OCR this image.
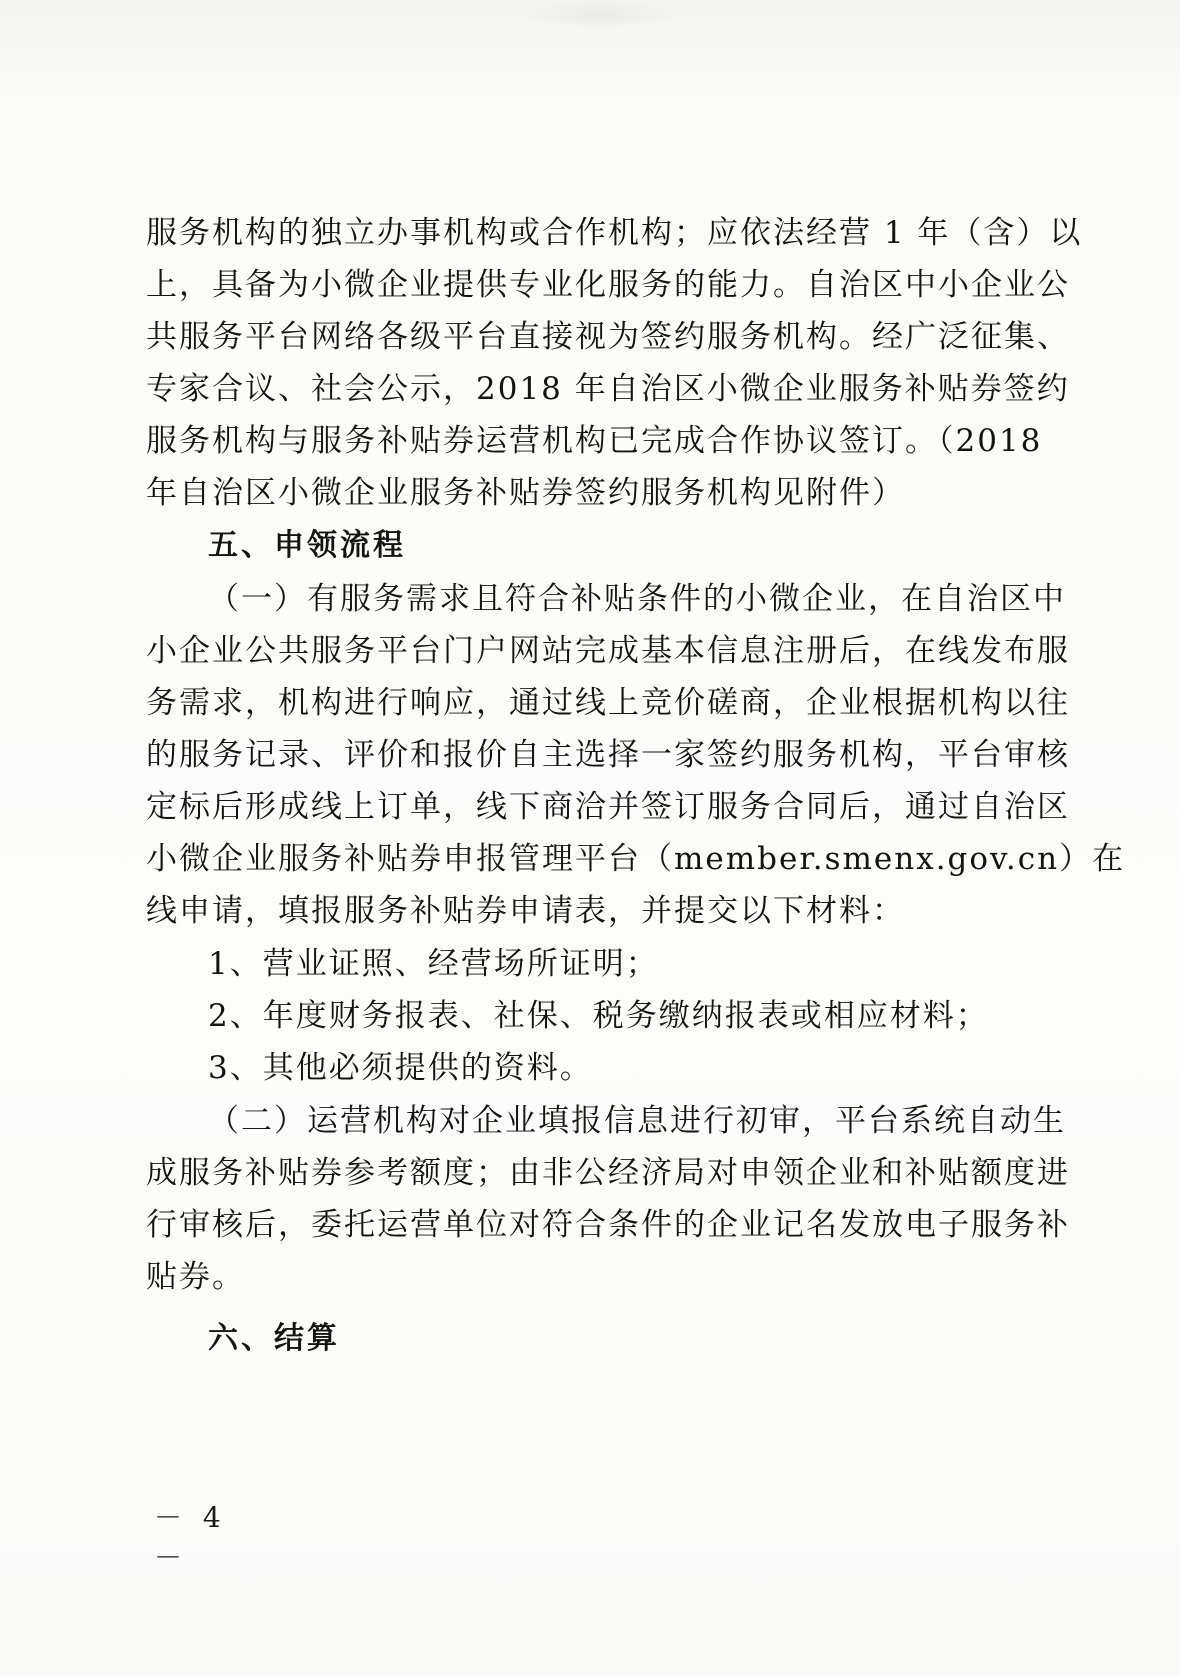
服务机构的独立办事机构或合作机构；应依法经营 1 年（含）以
上，具备为小微企业提供专业化服务的能力。自治区中小企业公
共服务平台网络各级平台直接视为签约服务机构。经广泛征集、
专家合议、社会公示，2018 年自治区小微企业服务补贴券签约
服务机构与服务补贴券运营机构已完成合作协议签订。（2018
年自治区小微企业服务补贴券签约服务机构见附件）
五、申领流程
（一）有服务需求且符合补贴条件的小微企业，在自治区中
小企业公共服务平台门户网站完成基本信息注册后，在线发布服
务需求，机构进行响应，通过线上竞价磋商，企业根据机构以往
的服务记录、评价和报价自主选择一家签约服务机构，平台审核
定标后形成线上订单，线下商洽并签订服务合同后，通过自治区
小微企业服务补贴券申报管理平台（member.smenx.gov.cn）在
线申请，填报服务补贴券申请表，并提交以下材料：
1、营业证照、经营场所证明；
2、年度财务报表、社保、税务缴纳报表或相应材料；
3、其他必须提供的资料。
（二）运营机构对企业填报信息进行初审，平台系统自动生
成服务补贴券参考额度；由非公经济局对申领企业和补贴额度进
行审核后，委托运营单位对符合条件的企业记名发放电子服务补
贴券。
六、结算
－ 4 －
